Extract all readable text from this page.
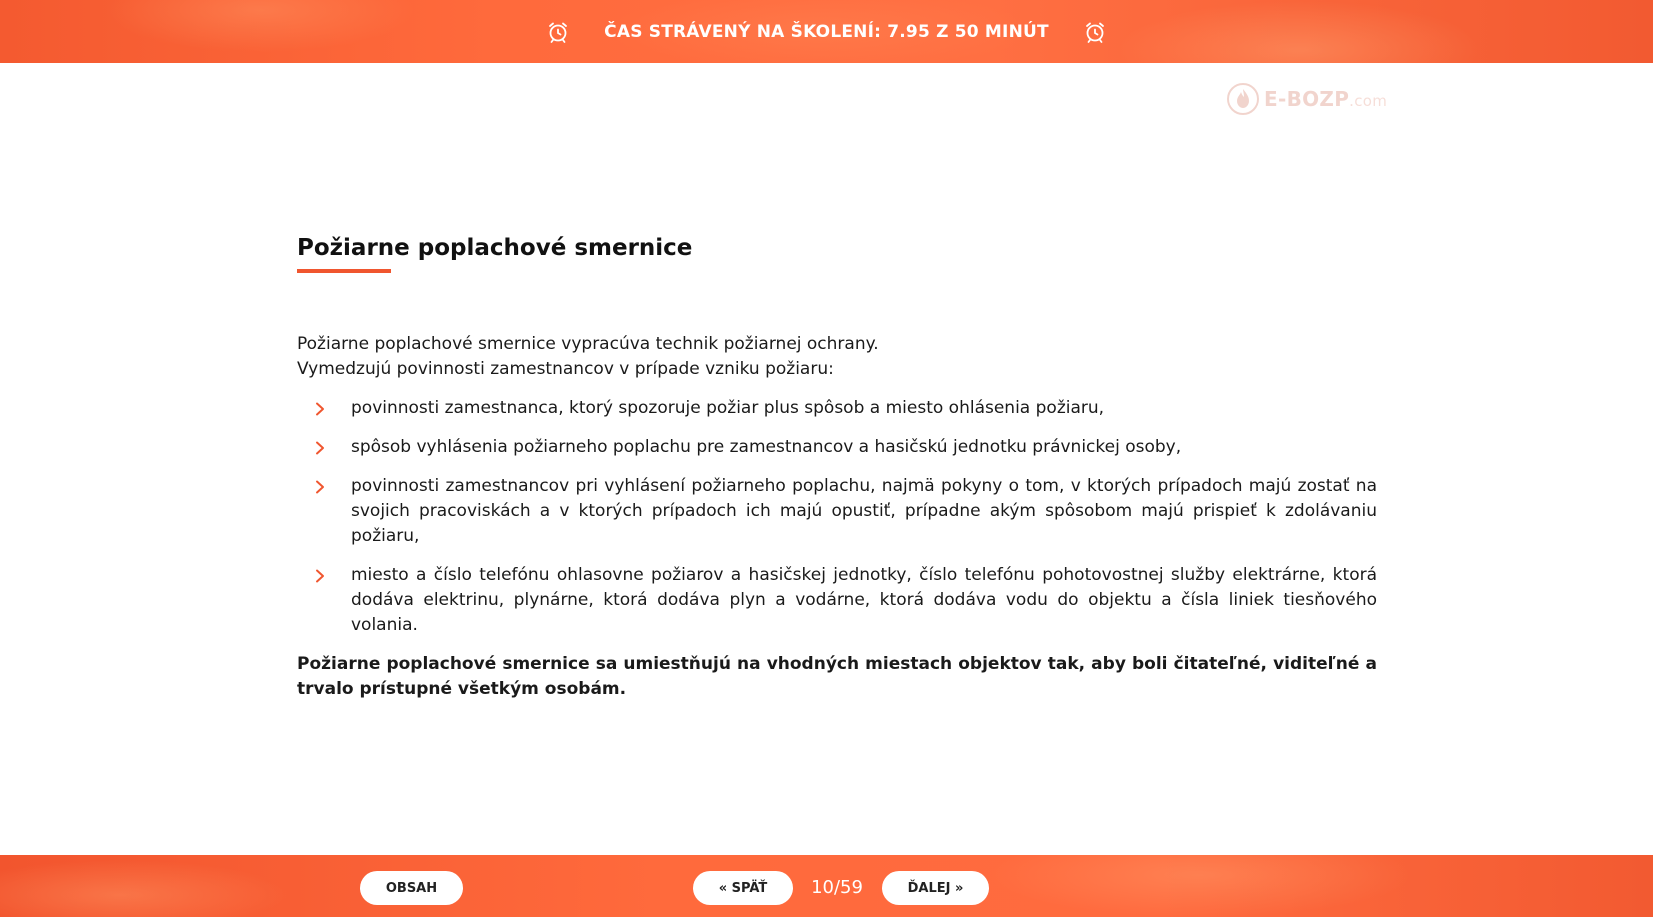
ČAS STRÁVENÝ NA ŠKOLENÍ: 7.95 Z 50 MINÚT
E-BOZP.com
Požiarne poplachové smernice

Požiarne poplachové smernice vypracúva technik požiarnej ochrany.

Vymedzujú povinnosti zamestnancov v prípade vzniku požiaru:

povinnosti zamestnanca, ktorý spozoruje požiar plus spôsob a miesto ohlásenia požiaru,
spôsob vyhlásenia požiarneho poplachu pre zamestnancov a hasičskú jednotku právnickej osoby,
povinnosti zamestnancov pri vyhlásení požiarneho poplachu, najmä pokyny o tom, v ktorých prípadoch majú zostať na svojich pracoviskách a v ktorých prípadoch ich majú opustiť, prípadne akým spôsobom majú prispieť k zdolávaniu požiaru,
miesto a číslo telefónu ohlasovne požiarov a hasičskej jednotky, číslo telefónu pohotovostnej služby elektrárne, ktorá dodáva elektrinu, plynárne, ktorá dodáva plyn a vodárne, ktorá dodáva vodu do objektu a čísla liniek tiesňového volania.

Požiarne poplachové smernice sa umiestňujú na vhodných miestach objektov tak, aby boli čitateľné, viditeľné a trvalo prístupné všetkým osobám.

OBSAH	« SPÄŤ	10/59	ĎALEJ »
